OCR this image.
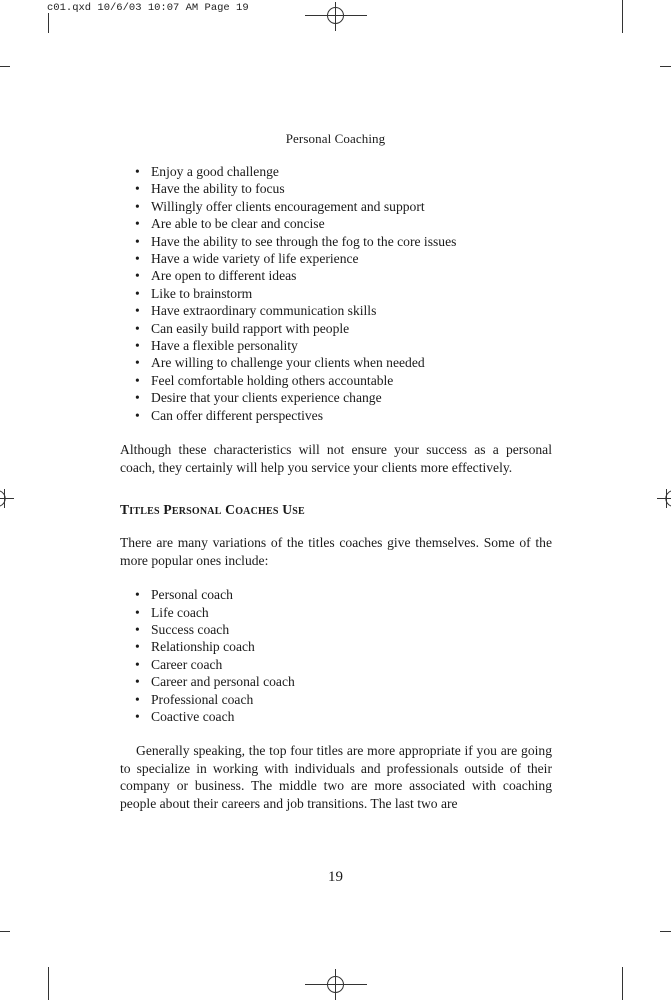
c01.qxd 10/6/03 10:07 AM Page 19
Personal Coaching
• Enjoy a good challenge
• Have the ability to focus
• Willingly offer clients encouragement and support
• Are able to be clear and concise
• Have the ability to see through the fog to the core issues
• Have a wide variety of life experience
• Are open to different ideas
• Like to brainstorm
• Have extraordinary communication skills
• Can easily build rapport with people
• Have a flexible personality
• Are willing to challenge your clients when needed
• Feel comfortable holding others accountable
• Desire that your clients experience change
• Can offer different perspectives

Although these characteristics will not ensure your success as a personal coach, they certainly will help you service your clients more effectively.

Titles Personal Coaches Use

There are many variations of the titles coaches give themselves. Some of the more popular ones include:

• Personal coach
• Life coach
• Success coach
• Relationship coach
• Career coach
• Career and personal coach
• Professional coach
• Coactive coach

Generally speaking, the top four titles are more appropriate if you are going to specialize in working with individuals and professionals outside of their company or business. The middle two are more associated with coaching people about their careers and job transitions. The last two are

19
